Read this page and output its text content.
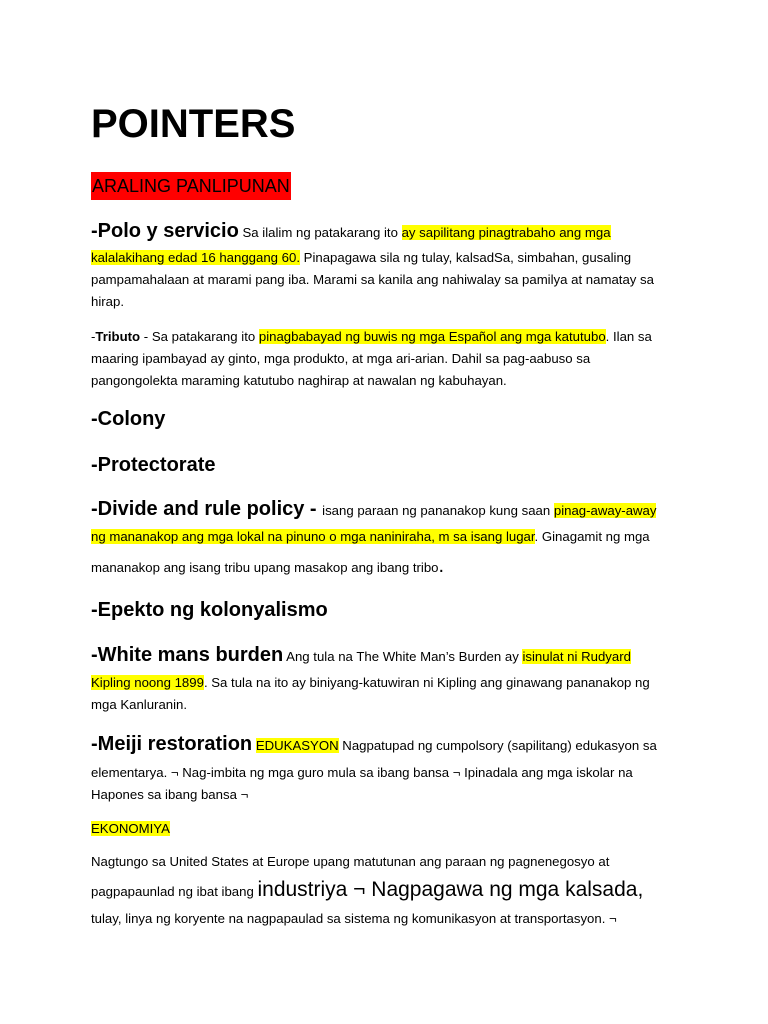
POINTERS
ARALING PANLIPUNAN
-Polo y servicio Sa ilalim ng patakarang ito ay sapilitang pinagtrabaho ang mga
kalalakihang edad 16 hanggang 60. Pinapagawa sila ng tulay, kalsadSa, simbahan, gusaling
pampamahalaan at marami pang iba. Marami sa kanila ang nahiwalay sa pamilya at namatay sa
hirap.
-Tributo - Sa patakarang ito pinagbabayad ng buwis ng mga Español ang mga katutubo. Ilan sa
maaring ipambayad ay ginto, mga produkto, at mga ari-arian. Dahil sa pag-aabuso sa
pangongolekta maraming katutubo naghirap at nawalan ng kabuhayan.
-Colony
-Protectorate
-Divide and rule policy - isang paraan ng pananakop kung saan pinag-away-away
ng mananakop ang mga lokal na pinuno o mga naniniraha, m sa isang lugar. Ginagamit ng mga
mananakop ang isang tribu upang masakop ang ibang tribo.
-Epekto ng kolonyalismo
-White mans burden Ang tula na The White Man’s Burden ay isinulat ni Rudyard
Kipling noong 1899. Sa tula na ito ay biniyang-katuwiran ni Kipling ang ginawang pananakop ng
mga Kanluranin.
-Meiji restoration EDUKASYON Nagpatupad ng cumpolsory (sapilitang) edukasyon sa
elementarya. ¬ Nag-imbita ng mga guro mula sa ibang bansa ¬ Ipinadala ang mga iskolar na
Hapones sa ibang bansa ¬
EKONOMIYA
Nagtungo sa United States at Europe upang matutunan ang paraan ng pagnenegosyo at
pagpapaunlad ng ibat ibang industriya ¬ Nagpagawa ng mga kalsada,
tulay, linya ng koryente na nagpapaulad sa sistema ng komunikasyon at transportasyon. ¬
